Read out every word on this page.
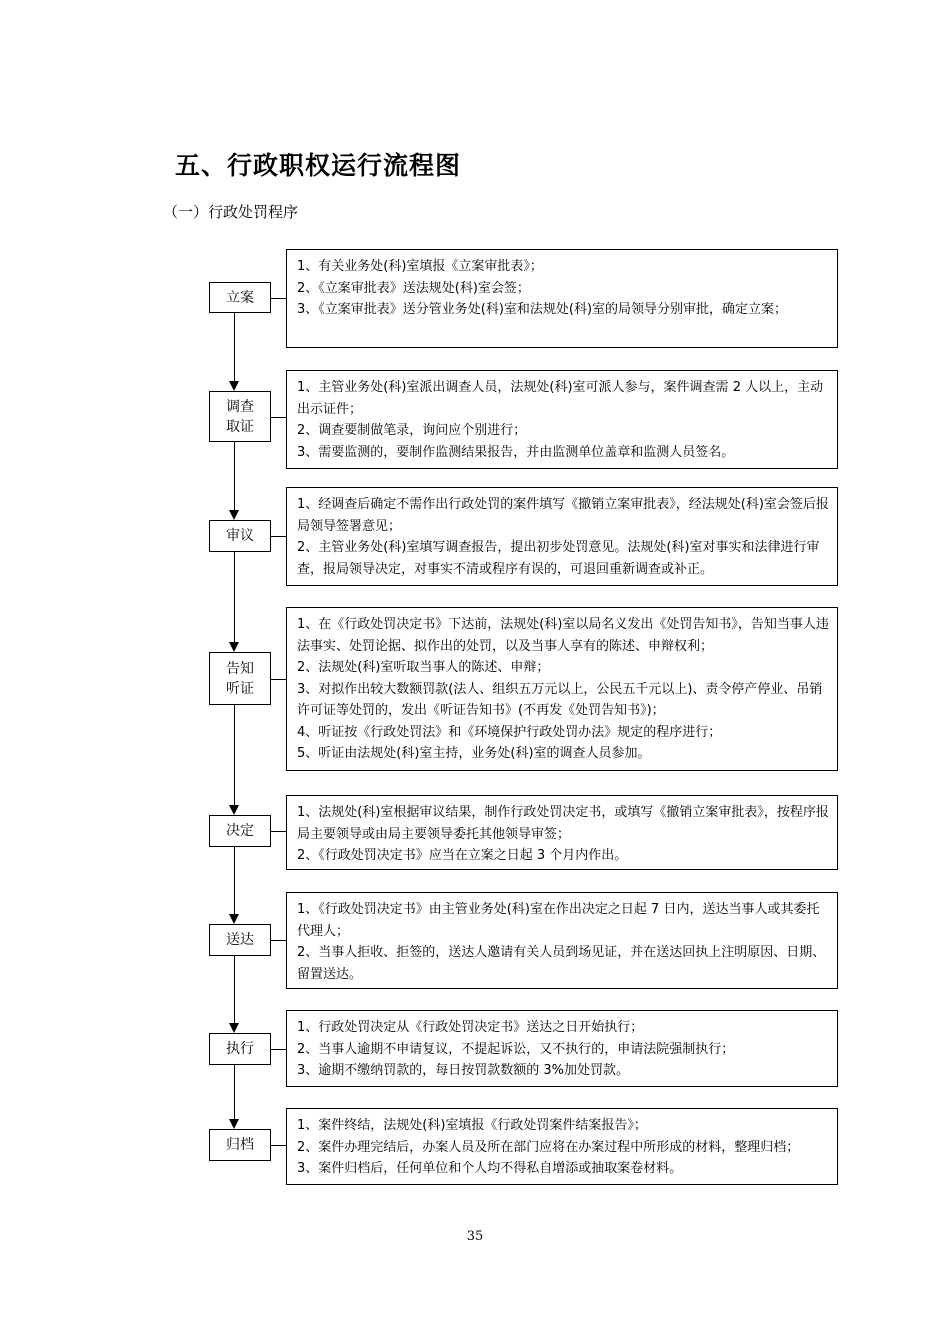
五、行政职权运行流程图
（一）行政处罚程序
立案
1、有关业务处(科)室填报《立案审批表》；
2、《立案审批表》送法规处(科)室会签；
3、《立案审批表》送分管业务处(科)室和法规处(科)室的局领导分别审批，确定立案；
调查取证
1、主管业务处(科)室派出调查人员，法规处(科)室可派人参与，案件调查需 2 人以上，主动出示证件；
2、调查要制做笔录，询问应个别进行；
3、需要监测的，要制作监测结果报告，并由监测单位盖章和监测人员签名。
审议
1、经调查后确定不需作出行政处罚的案件填写《撤销立案审批表》，经法规处(科)室会签后报局领导签署意见；
2、主管业务处(科)室填写调查报告，提出初步处罚意见。法规处(科)室对事实和法律进行审查，报局领导决定，对事实不清或程序有误的，可退回重新调查或补正。
告知听证
1、在《行政处罚决定书》下达前，法规处(科)室以局名义发出《处罚告知书》，告知当事人违法事实、处罚论据、拟作出的处罚，以及当事人享有的陈述、申辩权利；
2、法规处(科)室听取当事人的陈述、申辩；
3、对拟作出较大数额罚款(法人、组织五万元以上，公民五千元以上)、责令停产停业、吊销许可证等处罚的，发出《听证告知书》(不再发《处罚告知书》)；
4、听证按《行政处罚法》和《环境保护行政处罚办法》规定的程序进行；
5、听证由法规处(科)室主持，业务处(科)室的调查人员参加。
决定
1、法规处(科)室根据审议结果，制作行政处罚决定书，或填写《撤销立案审批表》，按程序报局主要领导或由局主要领导委托其他领导审签；
2、《行政处罚决定书》应当在立案之日起 3 个月内作出。
送达
1、《行政处罚决定书》由主管业务处(科)室在作出决定之日起 7 日内，送达当事人或其委托代理人；
2、当事人拒收、拒签的，送达人邀请有关人员到场见证，并在送达回执上注明原因、日期、留置送达。
执行
1、行政处罚决定从《行政处罚决定书》送达之日开始执行；
2、当事人逾期不申请复议，不提起诉讼，又不执行的，申请法院强制执行；
3、逾期不缴纳罚款的，每日按罚款数额的 3%加处罚款。
归档
1、案件终结，法规处(科)室填报《行政处罚案件结案报告》；
2、案件办理完结后，办案人员及所在部门应将在办案过程中所形成的材料，整理归档；
3、案件归档后，任何单位和个人均不得私自增添或抽取案卷材料。
35
